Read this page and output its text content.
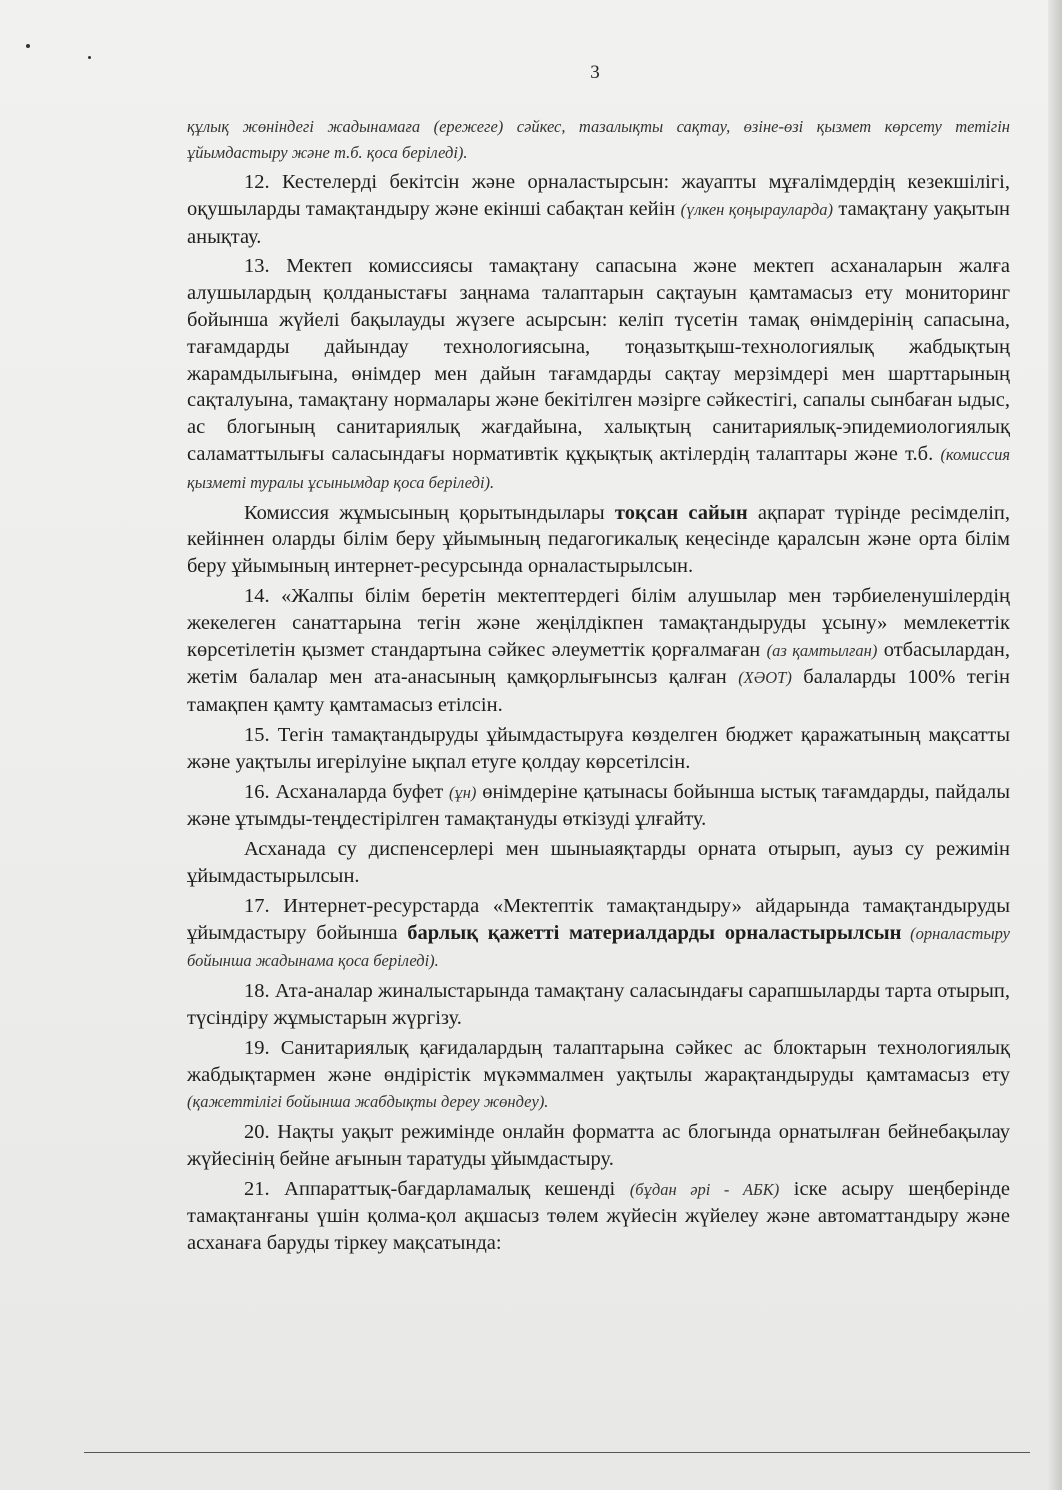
3

құлық жөніндегі жадынамаға (ережеге) сәйкес, тазалықты сақтау, өзіне-өзі қызмет көрсету тетігін ұйымдастыру және т.б. қоса беріледі).

12. Кестелерді бекітсін және орналастырсын: жауапты мұғалімдердің кезекшілігі, оқушыларды тамақтандыру және екінші сабақтан кейін (үлкен қоңырауларда) тамақтану уақытын анықтау.

13. Мектеп комиссиясы тамақтану сапасына және мектеп асханаларын жалға алушылардың қолданыстағы заңнама талаптарын сақтауын қамтамасыз ету мониторинг бойынша жүйелі бақылауды жүзеге асырсын: келіп түсетін тамақ өнімдерінің сапасына, тағамдарды дайындау технологиясына, тоңазытқыш-технологиялық жабдықтың жарамдылығына, өнімдер мен дайын тағамдарды сақтау мерзімдері мен шарттарының сақталуына, тамақтану нормалары және бекітілген мәзірге сәйкестігі, сапалы сынбаған ыдыс, ас блогының санитариялық жағдайына, халықтың санитариялық-эпидемиологиялық саламаттылығы саласындағы нормативтік құқықтық актілердің талаптары және т.б. (комиссия қызметі туралы ұсынымдар қоса беріледі).

Комиссия жұмысының қорытындылары тоқсан сайын ақпарат түрінде ресімделіп, кейіннен оларды білім беру ұйымының педагогикалық кеңесінде қаралсын және орта білім беру ұйымының интернет-ресурсында орналастырылсын.

14. «Жалпы білім беретін мектептердегі білім алушылар мен тәрбиеленушілердің жекелеген санаттарына тегін және жеңілдікпен тамақтандыруды ұсыну» мемлекеттік көрсетілетін қызмет стандартына сәйкес әлеуметтік қорғалмаған (аз қамтылған) отбасылардан, жетім балалар мен ата-анасының қамқорлығынсыз қалған (ХӘОТ) балаларды 100% тегін тамақпен қамту қамтамасыз етілсін.

15. Тегін тамақтандыруды ұйымдастыруға көзделген бюджет қаражатының мақсатты және уақтылы игерілуіне ықпал етуге қолдау көрсетілсін.

16. Асханаларда буфет (ұн) өнімдеріне қатынасы бойынша ыстық тағамдарды, пайдалы және ұтымды-теңдестірілген тамақтануды өткізуді ұлғайту.

Асханада су диспенсерлері мен шыныаяқтарды орната отырып, ауыз су режимін ұйымдастырылсын.

17. Интернет-ресурстарда «Мектептік тамақтандыру» айдарында тамақтандыруды ұйымдастыру бойынша барлық қажетті материалдарды орналастырылсын (орналастыру бойынша жадынама қоса беріледі).

18. Ата-аналар жиналыстарында тамақтану саласындағы сарапшыларды тарта отырып, түсіндіру жұмыстарын жүргізу.

19. Санитариялық қағидалардың талаптарына сәйкес ас блоктарын технологиялық жабдықтармен және өндірістік мүкәммалмен уақтылы жарақтандыруды қамтамасыз ету (қажеттілігі бойынша жабдықты дереу жөндеу).

20. Нақты уақыт режимінде онлайн форматта ас блогында орнатылған бейнебақылау жүйесінің бейне ағынын таратуды ұйымдастыру.

21. Аппараттық-бағдарламалық кешенді (бұдан әрі - АБК) іске асыру шеңберінде тамақтанғаны үшін қолма-қол ақшасыз төлем жүйесін жүйелеу және автоматтандыру және асханаға баруды тіркеу мақсатында:
